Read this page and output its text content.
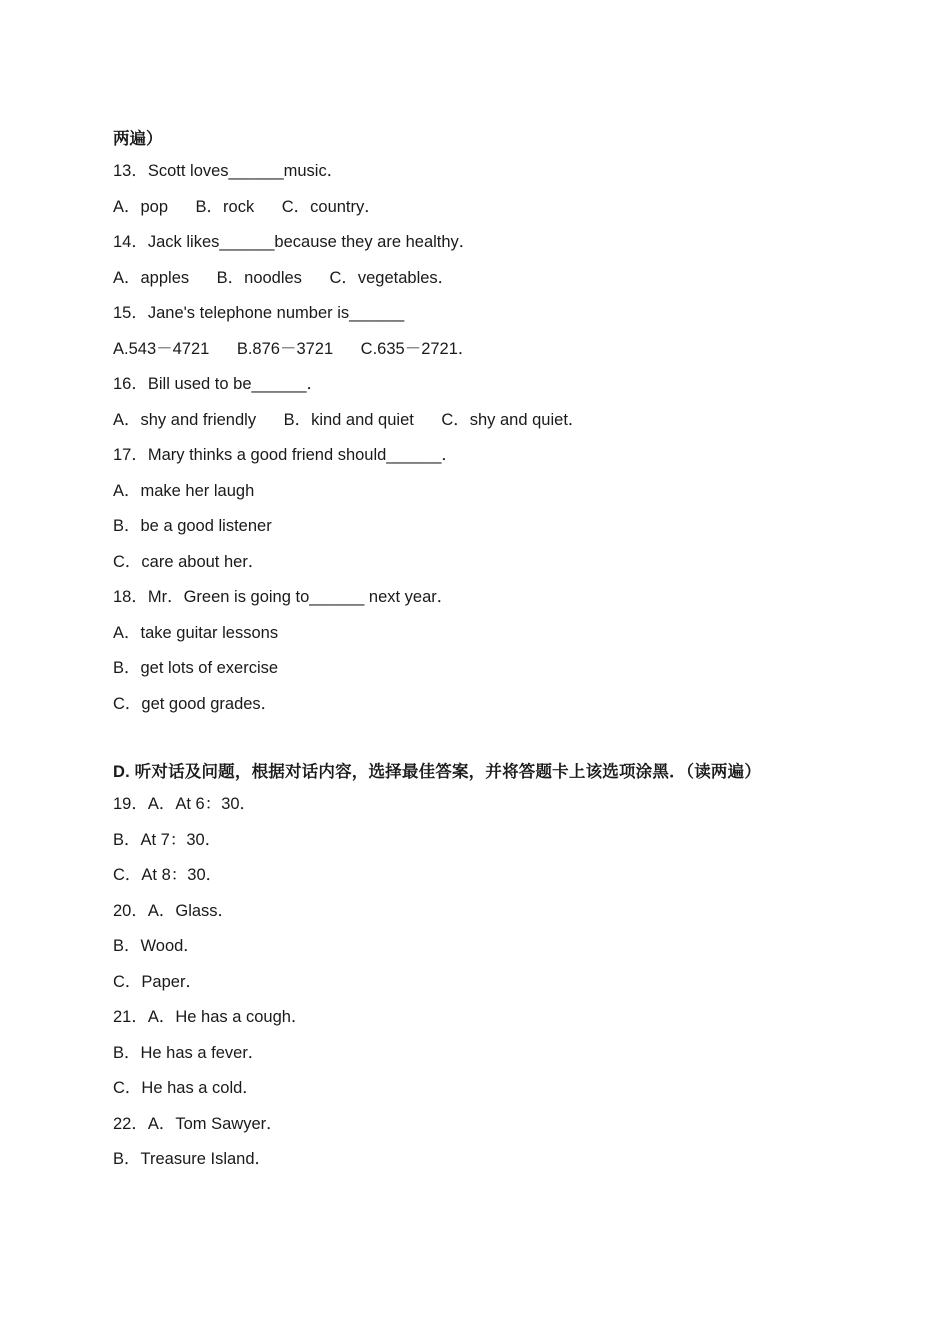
两遍）
13．Scott loves______music．
A．pop      B．rock      C．country．
14．Jack likes______because they are healthy．
A．apples      B．noodles      C．vegetables．
15．Jane's telephone number is______
A.543－4721      B.876－3721      C.635－2721．
16．Bill used to be______．
A．shy and friendly      B．kind and quiet      C．shy and quiet．
17．Mary thinks a good friend should______．
A．make her laugh
B．be a good listener
C．care about her．
18．Mr．Green is going to______ next year．
A．take guitar lessons
B．get lots of exercise
C．get good grades．
D. 听对话及问题，根据对话内容，选择最佳答案，并将答题卡上该选项涂黑．（读两遍）
19．A．At 6：30．
B．At 7：30．
C．At 8：30．
20．A．Glass．
B．Wood．
C．Paper．
21．A．He has a cough．
B．He has a fever．
C．He has a cold．
22．A．Tom Sawyer．
B．Treasure Island．
